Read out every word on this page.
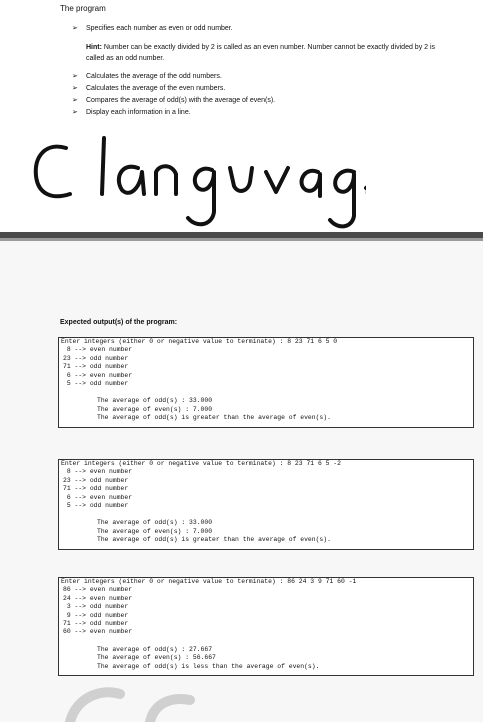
The program
➢ Specifies each number as even or odd number.
Hint: Number can be exactly divided by 2 is called as an even number. Number cannot be exactly divided by 2 is called as an odd number.
➢ Calculates the average of the odd numbers.
➢ Calculates the average of the even numbers.
➢ Compares the average of odd(s) with the average of even(s).
➢ Display each information in a line.
Expected output(s) of the program:
Enter integers (either 0 or negative value to terminate) : 8 23 71 6 5 0
8 --> even number
23 --> odd number
71 --> odd number
6 --> even number
5 --> odd number
The average of odd(s) : 33.000
The average of even(s) : 7.000
The average of odd(s) is greater than the average of even(s).
Enter integers (either 0 or negative value to terminate) : 8 23 71 6 5 -2
8 --> even number
23 --> odd number
71 --> odd number
6 --> even number
5 --> odd number
The average of odd(s) : 33.000
The average of even(s) : 7.000
The average of odd(s) is greater than the average of even(s).
Enter integers (either 0 or negative value to terminate) : 86 24 3 9 71 60 -1
86 --> even number
24 --> even number
3 --> odd number
9 --> odd number
71 --> odd number
60 --> even number
The average of odd(s) : 27.667
The average of even(s) : 56.667
The average of odd(s) is less than the average of even(s).
